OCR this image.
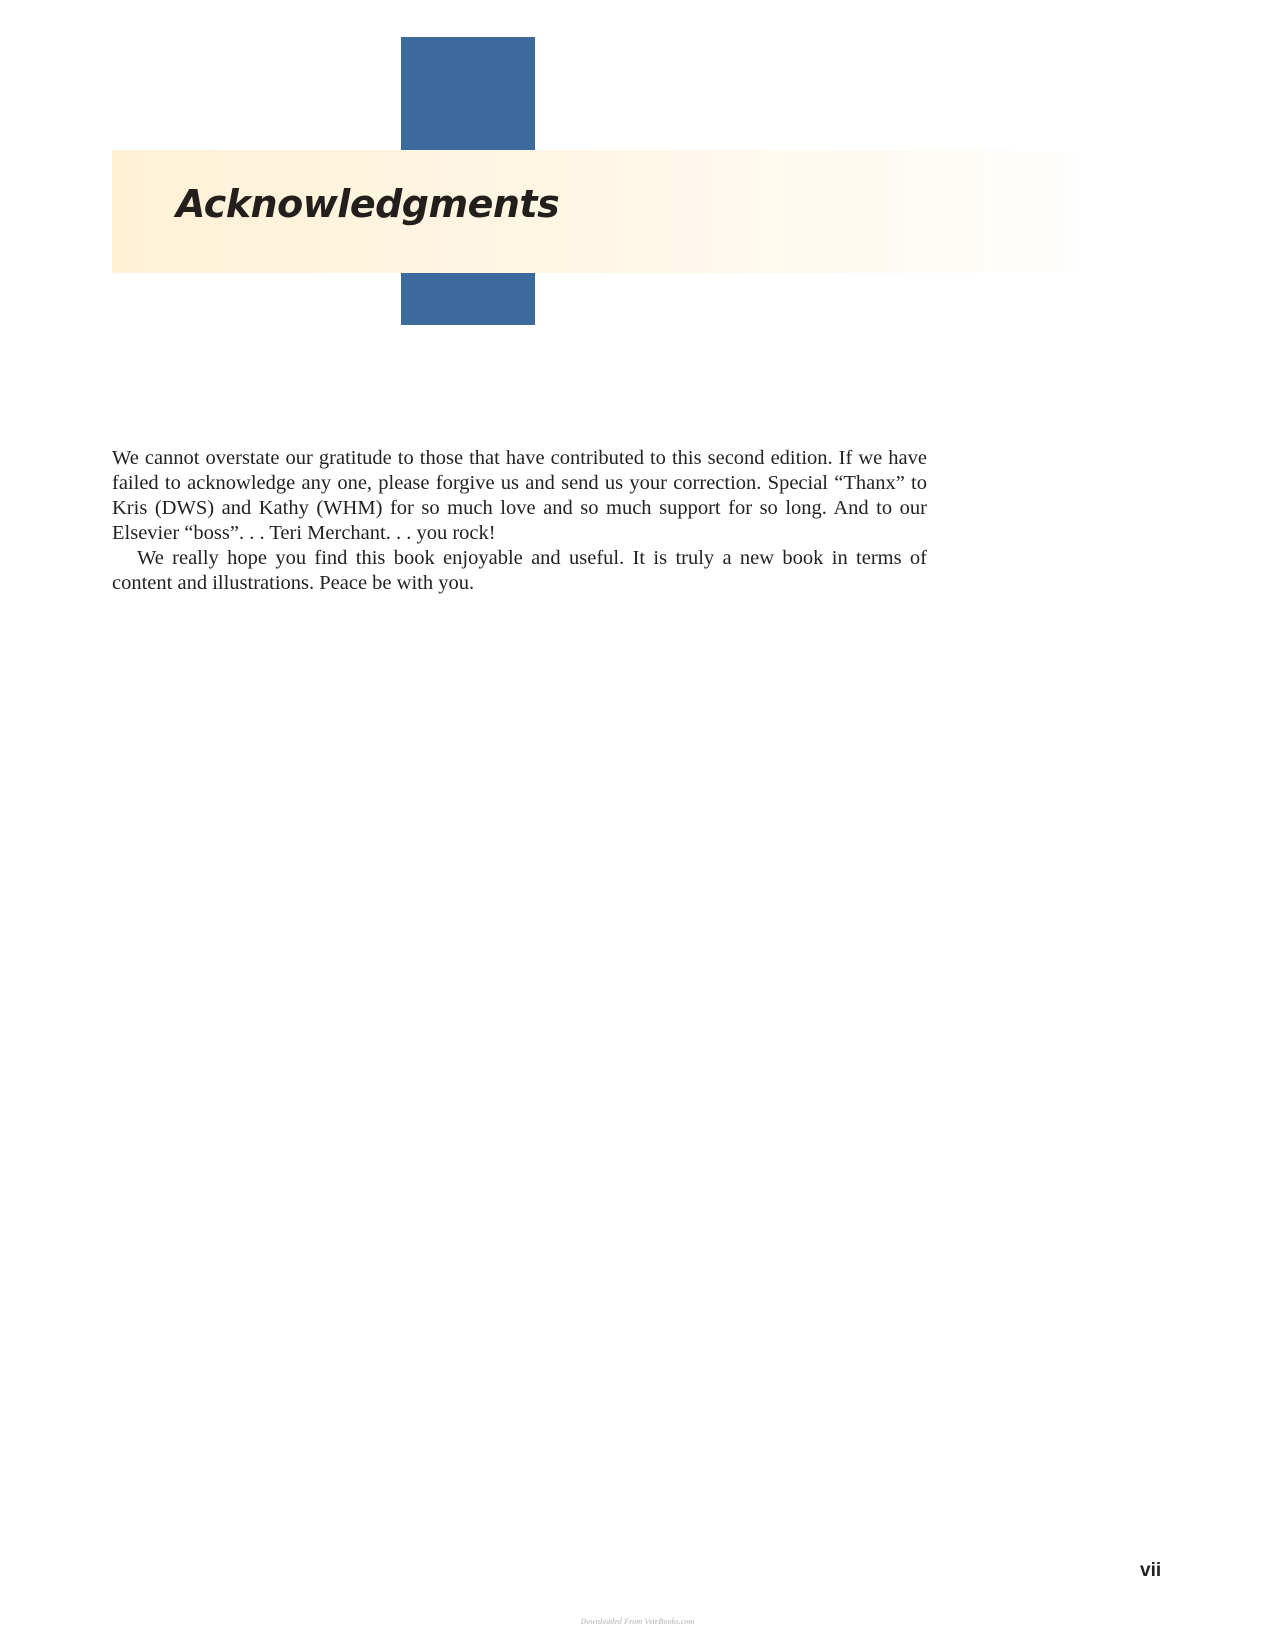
Acknowledgments

We cannot overstate our gratitude to those that have contributed to this second edition. If we have failed to acknowledge any one, please forgive us and send us your correction. Special “Thanx” to Kris (DWS) and Kathy (WHM) for so much love and so much support for so long. And to our Elsevier “boss”. . . Teri Merchant. . . you rock!

We really hope you find this book enjoyable and useful. It is truly a new book in terms of content and illustrations. Peace be with you.

vii
Downloaded From VeteBooks.com
